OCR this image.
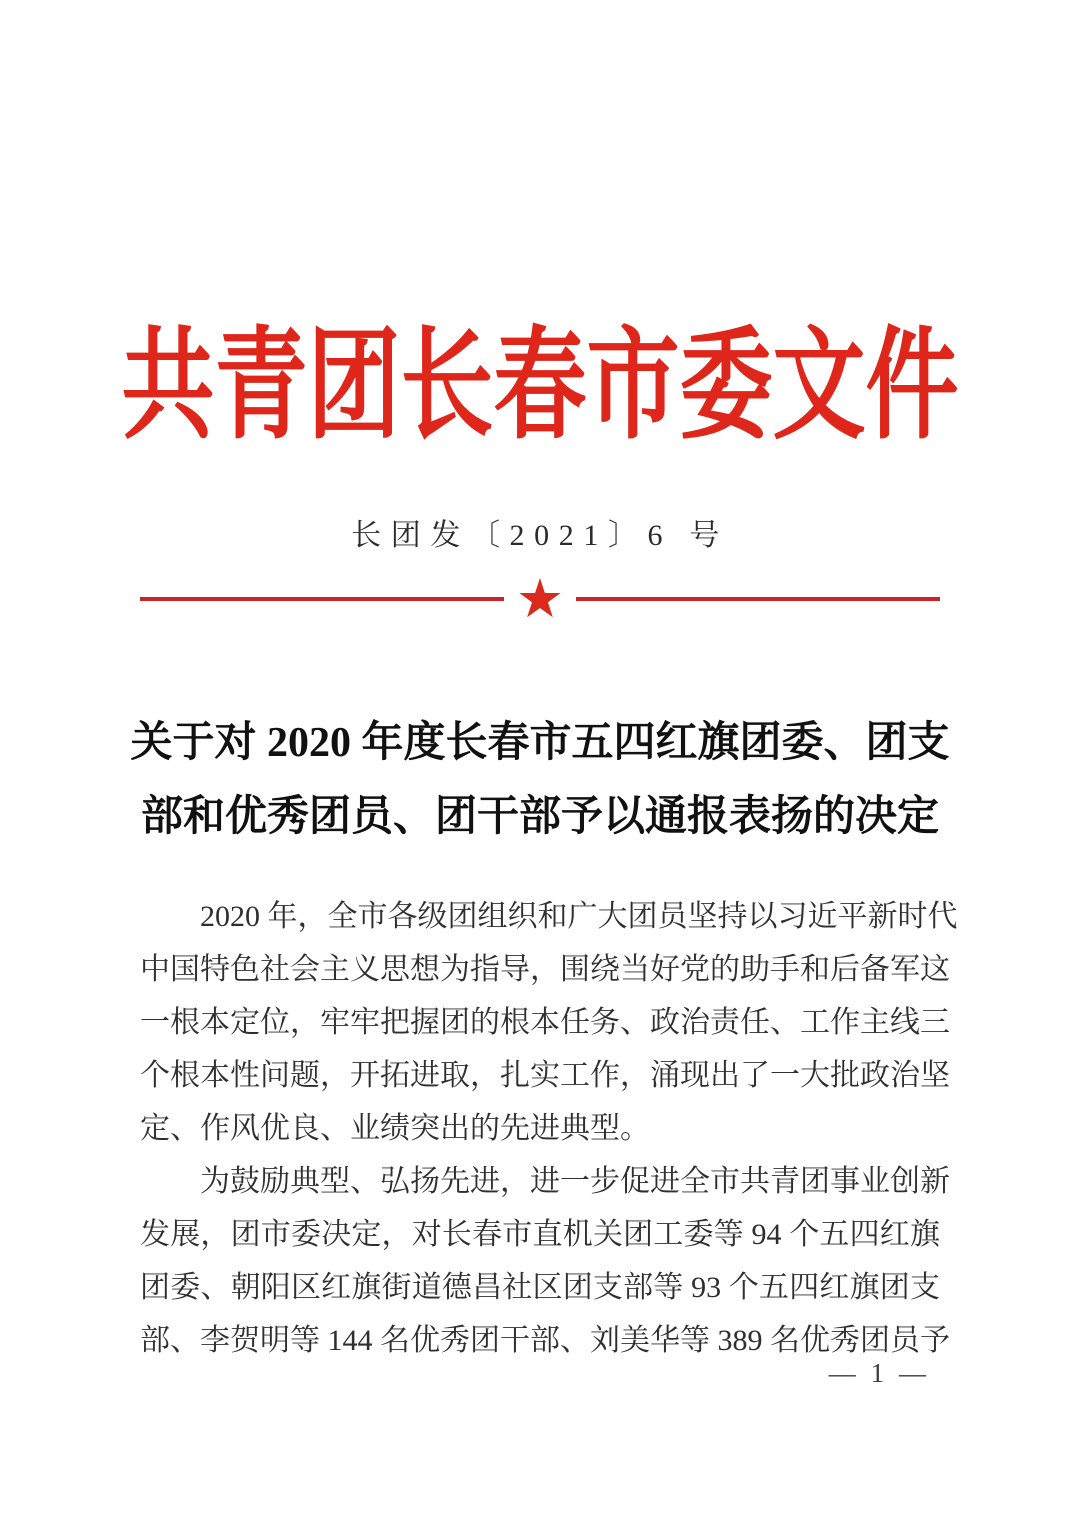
共青团长春市委文件
长团发〔2021〕6 号
★
关于对 2020 年度长春市五四红旗团委、团支
部和优秀团员、团干部予以通报表扬的决定
2020 年，全市各级团组织和广大团员坚持以习近平新时代
中国特色社会主义思想为指导，围绕当好党的助手和后备军这
一根本定位，牢牢把握团的根本任务、政治责任、工作主线三
个根本性问题，开拓进取，扎实工作，涌现出了一大批政治坚
定、作风优良、业绩突出的先进典型。
为鼓励典型、弘扬先进，进一步促进全市共青团事业创新
发展，团市委决定，对长春市直机关团工委等 94 个五四红旗
团委、朝阳区红旗街道德昌社区团支部等 93 个五四红旗团支
部、李贺明等 144 名优秀团干部、刘美华等 389 名优秀团员予
— 1 —
